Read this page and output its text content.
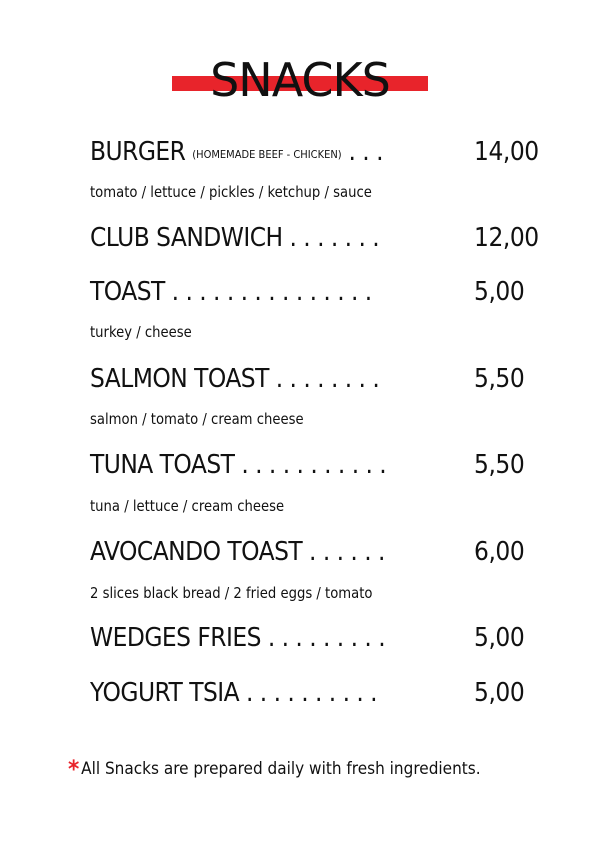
SNACKS
BURGER (HOMEMADE BEEF - CHICKEN) . . .	14,00
tomato / lettuce / pickles / ketchup / sauce
CLUB SANDWICH . . . . . . .	12,00
TOAST . . . . . . . . . . . . . . .	5,00
turkey / cheese
SALMON TOAST . . . . . . . .	5,50
salmon / tomato / cream cheese
TUNA TOAST . . . . . . . . . . .	5,50
tuna / lettuce / cream cheese
AVOCANDO TOAST . . . . . .	6,00
2 slices black bread / 2 fried eggs / tomato
WEDGES FRIES . . . . . . . . .	5,00
YOGURT TSIA . . . . . . . . . .	5,00
* All Snacks are prepared daily with fresh ingredients.
